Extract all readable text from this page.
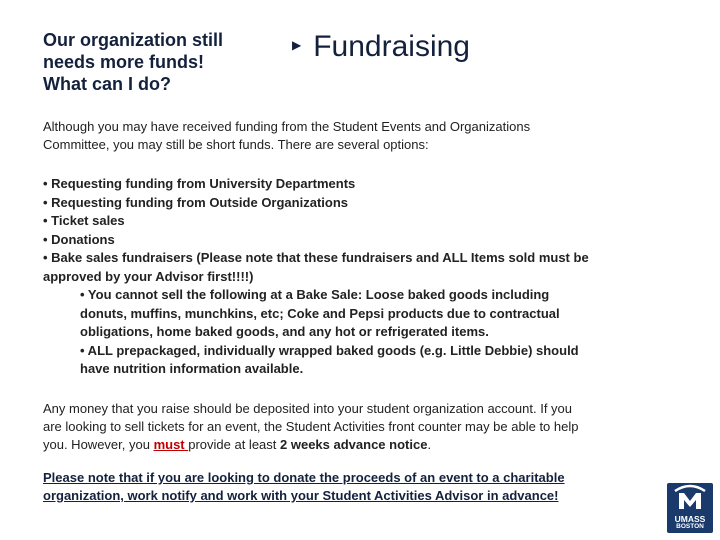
Our organization still
needs more funds!
What can I do?
▶ Fundraising
Although you may have received funding from the Student Events and Organizations
Committee, you may still be short funds. There are several options:
• Requesting funding from University Departments
• Requesting funding from Outside Organizations
• Ticket sales
• Donations
• Bake sales fundraisers (Please note that these fundraisers and ALL Items sold must be
approved by your Advisor first!!!!)
• You cannot sell the following at a Bake Sale: Loose baked goods including
donuts, muffins, munchkins, etc; Coke and Pepsi products due to contractual
obligations, home baked goods, and any hot or refrigerated items.
• ALL prepackaged, individually wrapped baked goods (e.g. Little Debbie) should
have nutrition information available.
Any money that you raise should be deposited into your student organization account. If you
are looking to sell tickets for an event, the Student Activities front counter may be able to help
you. However, you must provide at least 2 weeks advance notice.
Please note that if you are looking to donate the proceeds of an event to a charitable
organization, work notify and work with your Student Activities Advisor in advance!
UMASS
BOSTON
